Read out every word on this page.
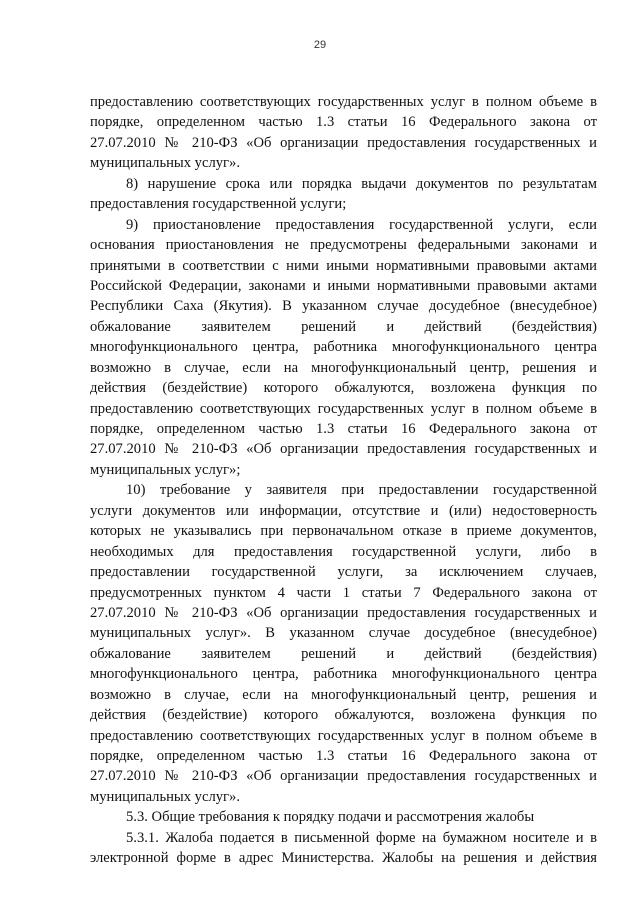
29
предоставлению соответствующих государственных услуг в полном объеме в
порядке, определенном частью 1.3 статьи 16 Федерального закона от
27.07.2010 № 210-ФЗ «Об организации предоставления государственных и
муниципальных услуг».
8) нарушение срока или порядка выдачи документов по результатам
предоставления государственной услуги;
9) приостановление предоставления государственной услуги, если
основания приостановления не предусмотрены федеральными законами и
принятыми в соответствии с ними иными нормативными правовыми актами
Российской Федерации, законами и иными нормативными правовыми актами
Республики Саха (Якутия). В указанном случае досудебное (внесудебное)
обжалование заявителем решений и действий (бездействия)
многофункционального центра, работника многофункционального центра
возможно в случае, если на многофункциональный центр, решения и
действия (бездействие) которого обжалуются, возложена функция по
предоставлению соответствующих государственных услуг в полном объеме в
порядке, определенном частью 1.3 статьи 16 Федерального закона от
27.07.2010 № 210-ФЗ «Об организации предоставления государственных и
муниципальных услуг»;
10) требование у заявителя при предоставлении государственной
услуги документов или информации, отсутствие и (или) недостоверность
которых не указывались при первоначальном отказе в приеме документов,
необходимых для предоставления государственной услуги, либо в
предоставлении государственной услуги, за исключением случаев,
предусмотренных пунктом 4 части 1 статьи 7 Федерального закона от
27.07.2010 № 210-ФЗ «Об организации предоставления государственных и
муниципальных услуг». В указанном случае досудебное (внесудебное)
обжалование заявителем решений и действий (бездействия)
многофункционального центра, работника многофункционального центра
возможно в случае, если на многофункциональный центр, решения и
действия (бездействие) которого обжалуются, возложена функция по
предоставлению соответствующих государственных услуг в полном объеме в
порядке, определенном частью 1.3 статьи 16 Федерального закона от
27.07.2010 № 210-ФЗ «Об организации предоставления государственных и
муниципальных услуг».
5.3. Общие требования к порядку подачи и рассмотрения жалобы
5.3.1. Жалоба подается в письменной форме на бумажном носителе и в
электронной форме в адрес Министерства. Жалобы на решения и действия
